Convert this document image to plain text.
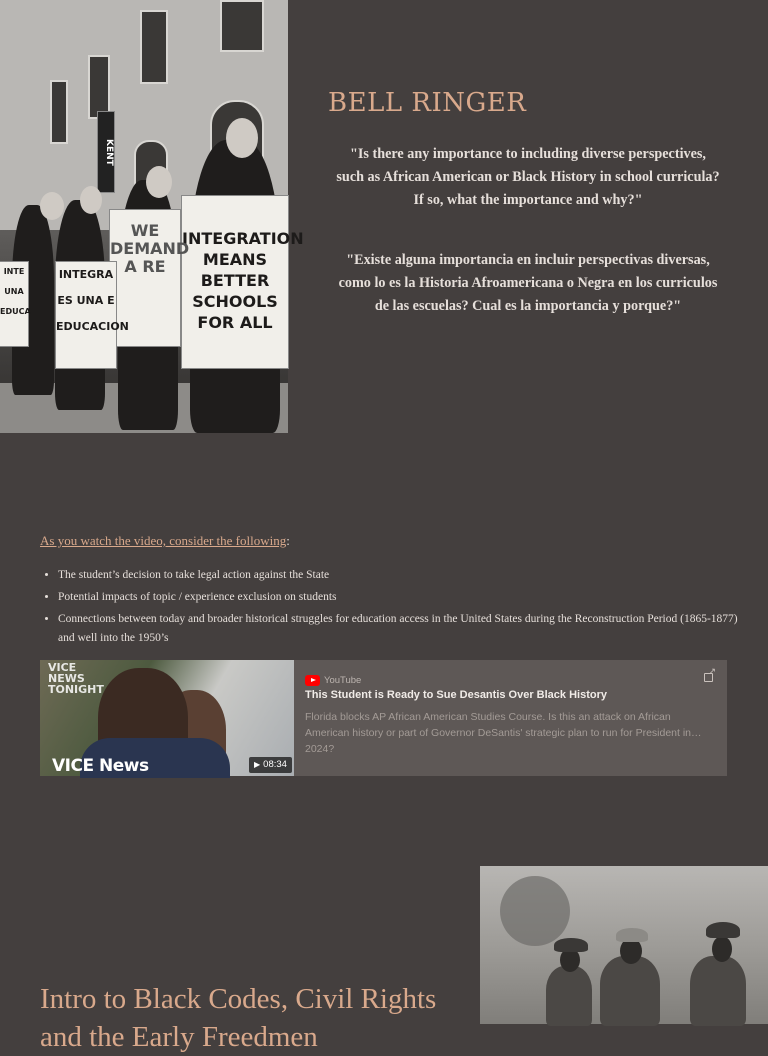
KENT
INTEGRATION MEANS BETTER SCHOOLS FOR ALL
WE DEMAND A RE
INTEGRA
ES UNA E
EDUCACION
INTE
UNA
EDUCA
BELL RINGER

"Is there any importance to including diverse perspectives, such as African American or Black History in school curricula? If so, what the importance and why?"

"Existe alguna importancia en incluir perspectivas diversas, como lo es la Historia Afroamericana o Negra en los curriculos de las escuelas? Cual es la importancia y porque?"

As you watch the video, consider the following:

• The student’s decision to take legal action against the State
• Potential impacts of topic / experience exclusion on students
• Connections between today and broader historical struggles for education access in the United States during the Reconstruction Period (1865-1877) and well into the 1950’s
VICE NEWS TONIGHT
VICE News	▶ 08:34
YouTube
↗

This Student is Ready to Sue Desantis Over Black History

Florida blocks AP African American Studies Course. Is this an attack on African American history or part of Governor DeSantis' strategic plan to run for President in 2024?

Intro to Black Codes, Civil Rights and the Early Freedmen
